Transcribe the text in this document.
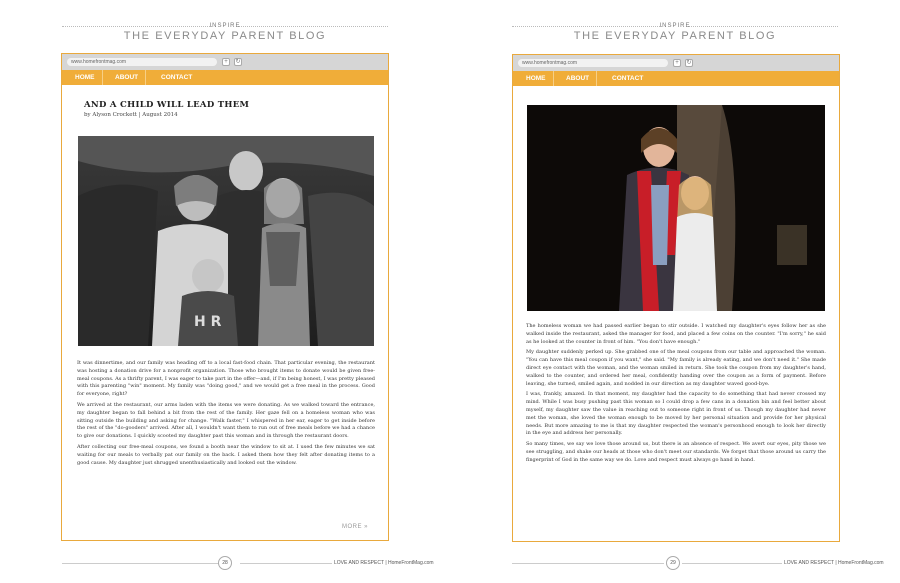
INSPIRE
THE EVERYDAY PARENT BLOG
www.homefrontmag.com	+	↻
HOME	ABOUT	CONTACT
AND A CHILD WILL LEAD THEM
by Alyson Crockett | August 2014
H R

It was dinnertime, and our family was heading off to a local fast-food chain. That particular evening, the restaurant was hosting a donation drive for a nonprofit organization. Those who brought items to donate would be given free-meal coupons. As a thrifty parent, I was eager to take part in the offer—and, if I'm being honest, I was pretty pleased with this parenting "win" moment. My family was "doing good," and we would get a free meal in the process. Good for everyone, right?

We arrived at the restaurant, our arms laden with the items we were donating. As we walked toward the entrance, my daughter began to fall behind a bit from the rest of the family. Her gaze fell on a homeless woman who was sitting outside the building and asking for change. "Walk faster," I whispered in her ear, eager to get inside before the rest of the "do-gooders" arrived. After all, I wouldn't want them to run out of free meals before we had a chance to give our donations. I quickly scooted my daughter past this woman and in through the restaurant doors.

After collecting our free-meal coupons, we found a booth near the window to sit at. I used the few minutes we sat waiting for our meals to verbally pat our family on the back. I asked them how they felt after donating items to a good cause. My daughter just shrugged unenthusiastically and looked out the window.

MORE »
28	LOVE AND RESPECT | HomeFrontMag.com
INSPIRE
THE EVERYDAY PARENT BLOG
www.homefrontmag.com	+	↻
HOME	ABOUT	CONTACT

The homeless woman we had passed earlier began to stir outside. I watched my daughter's eyes follow her as she walked inside the restaurant, asked the manager for food, and placed a few coins on the counter. "I'm sorry," he said as he looked at the counter in front of him. "You don't have enough."

My daughter suddenly perked up. She grabbed one of the meal coupons from our table and approached the woman. "You can have this meal coupon if you want," she said. "My family is already eating, and we don't need it." She made direct eye contact with the woman, and the woman smiled in return. She took the coupon from my daughter's hand, walked to the counter, and ordered her meal, confidently handing over the coupon as a form of payment. Before leaving, she turned, smiled again, and nodded in our direction as my daughter waved good-bye.

I was, frankly, amazed. In that moment, my daughter had the capacity to do something that had never crossed my mind. While I was busy pushing past this woman so I could drop a few cans in a donation bin and feel better about myself, my daughter saw the value in reaching out to someone right in front of us. Though my daughter had never met the woman, she loved the woman enough to be moved by her personal situation and provide for her physical needs. But more amazing to me is that my daughter respected the woman's personhood enough to look her directly in the eye and address her personally.

So many times, we say we love those around us, but there is an absence of respect. We avert our eyes, pity those we see struggling, and shake our heads at those who don't meet our standards. We forget that those around us carry the fingerprint of God in the same way we do. Love and respect must always go hand in hand.

29	LOVE AND RESPECT | HomeFrontMag.com
